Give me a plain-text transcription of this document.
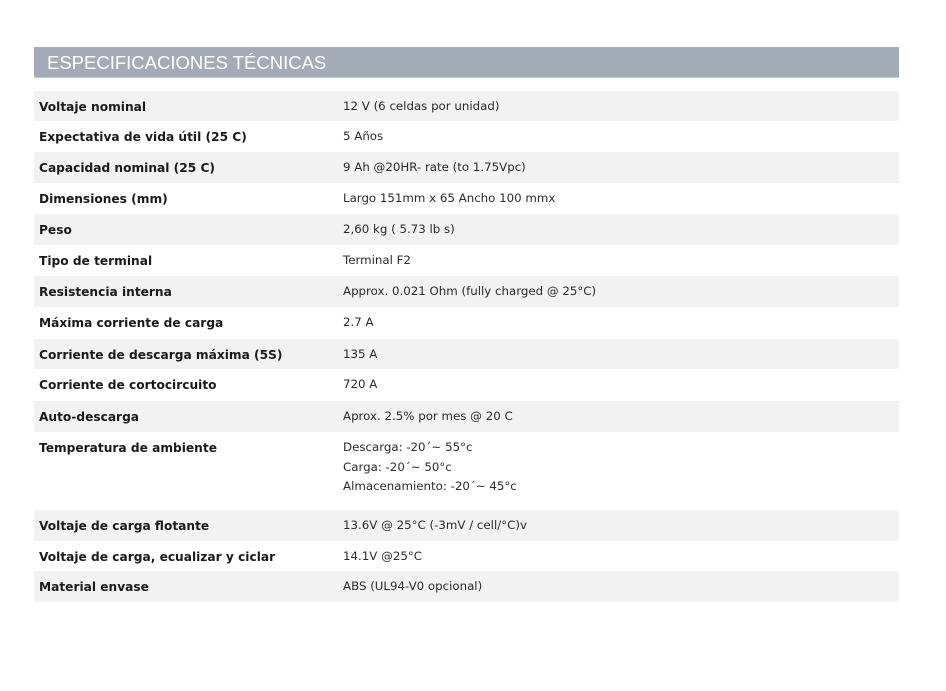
ESPECIFICACIONES TÉCNICAS
Voltaje nominal	12 V (6 celdas por unidad)
Expectativa de vida útil (25 C)	5 Años
Capacidad nominal (25 C)	9 Ah @20HR- rate (to 1.75Vpc)
Dimensiones (mm)	Largo 151mm x 65 Ancho 100 mmx
Peso	2,60 kg ( 5.73 lb s)
Tipo de terminal	Terminal F2
Resistencia interna	Approx. 0.021 Ohm (fully charged @ 25°C)
Máxima corriente de carga	2.7 A
Corriente de descarga máxima (5S)	135 A
Corriente de cortocircuito	720 A
Auto-descarga	Aprox. 2.5% por mes @ 20 C
Temperatura de ambiente	Descarga: -20´~ 55°c
Carga: -20´~ 50°c
Almacenamiento: -20´~ 45°c
Voltaje de carga flotante	13.6V @ 25°C (-3mV / cell/°C)v
Voltaje de carga, ecualizar y ciclar	14.1V @25°C
Material envase	ABS (UL94-V0 opcional)
